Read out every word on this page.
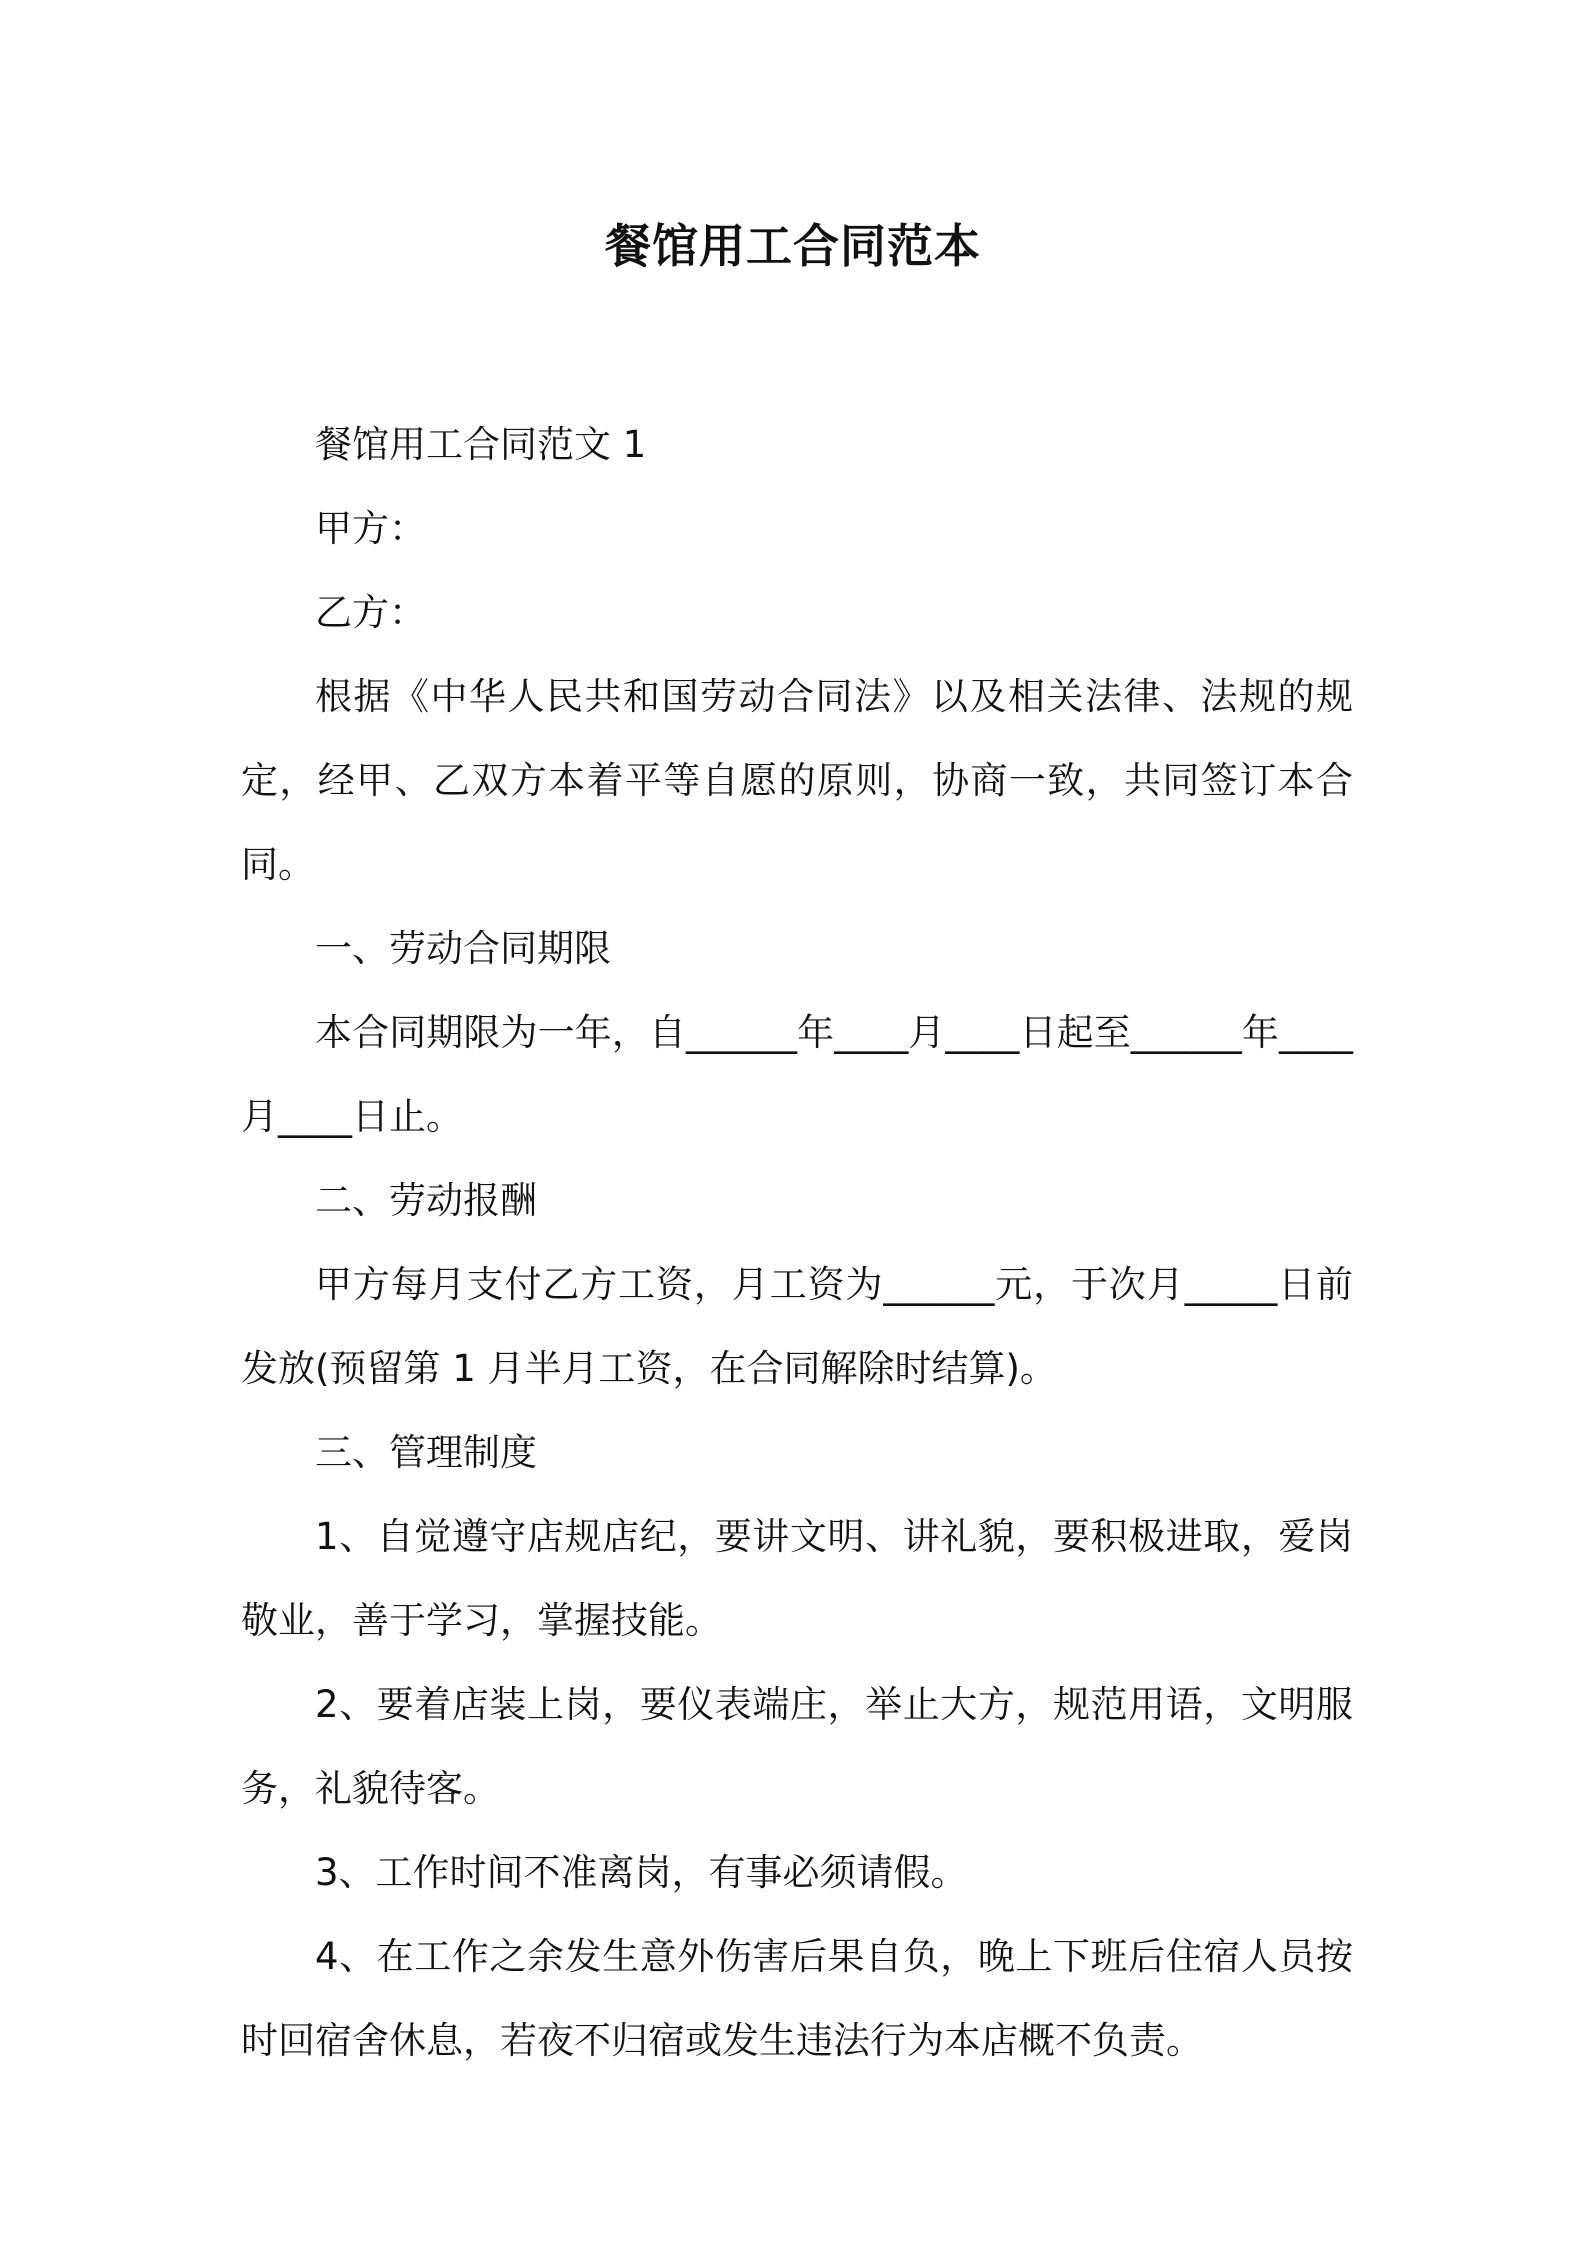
餐馆用工合同范本

餐馆用工合同范文 1

甲方：

乙方：

根据《中华人民共和国劳动合同法》以及相关法律、法规的规定，经甲、乙双方本着平等自愿的原则，协商一致，共同签订本合同。

一、劳动合同期限

本合同期限为一年，自______年____月____日起至______年____月____日止。

二、劳动报酬

甲方每月支付乙方工资，月工资为______元，于次月_____日前发放(预留第 1 月半月工资，在合同解除时结算)。

三、管理制度

1、自觉遵守店规店纪，要讲文明、讲礼貌，要积极进取，爱岗敬业，善于学习，掌握技能。

2、要着店装上岗，要仪表端庄，举止大方，规范用语，文明服务，礼貌待客。

3、工作时间不准离岗，有事必须请假。

4、在工作之余发生意外伤害后果自负，晚上下班后住宿人员按时回宿舍休息，若夜不归宿或发生违法行为本店概不负责。
